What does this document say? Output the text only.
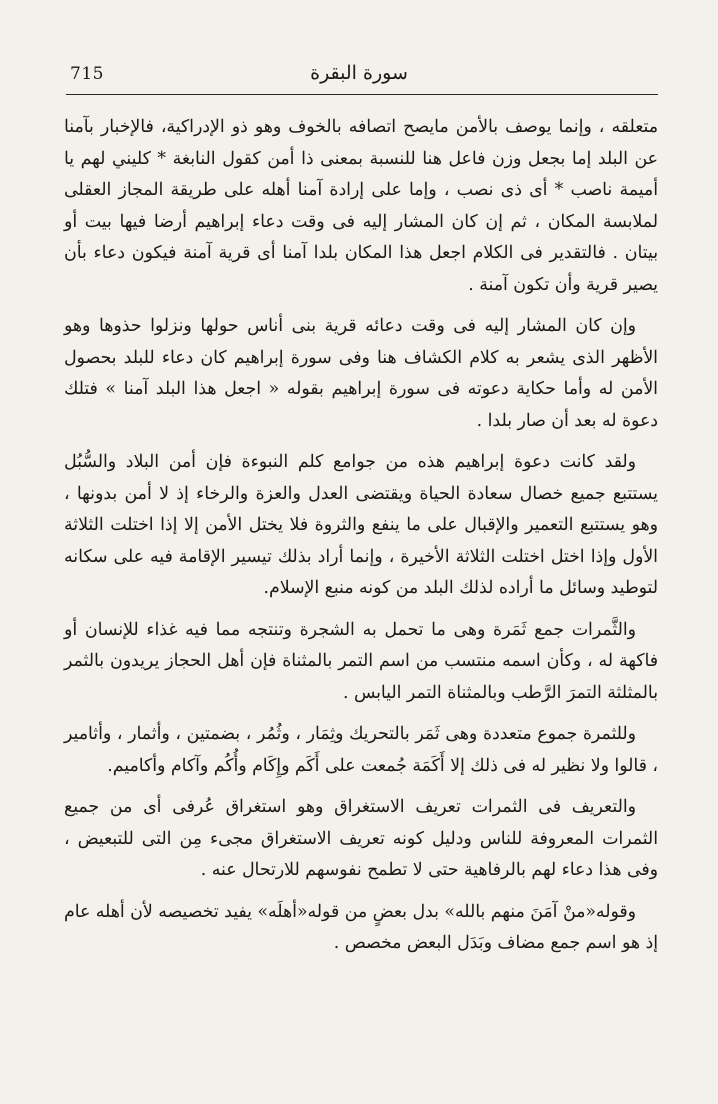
715	سورة البقرة

متعلقه ، وإنما يوصف بالأمن مايصح اتصافه بالخوف وهو ذو الإدراكية، فالإخبار بآمنا عن البلد إما بجعل وزن فاعل هنا للنسبة بمعنى ذا أمن كقول النابغة * كليني لهم يا أميمة ناصب * أى ذى نصب ، وإما على إرادة آمنا أهله على طريقة المجاز العقلى لملابسة المكان ، ثم إن كان المشار إليه فى وقت دعاء إبراهيم أرضا فيها بيت أو بيتان . فالتقدير فى الكلام اجعل هذا المكان بلدا آمنا أى قرية آمنة فيكون دعاء بأن يصير قرية وأن تكون آمنة .

وإن كان المشار إليه فى وقت دعائه قرية بنى أناس حولها ونزلوا حذوها وهو الأظهر الذى يشعر به كلام الكشاف هنا وفى سورة إبراهيم كان دعاء للبلد بحصول الأمن له وأما حكاية دعوته فى سورة إبراهيم بقوله « اجعل هذا البلد آمنا » فتلك دعوة له بعد أن صار بلدا .

ولقد كانت دعوة إبراهيم هذه من جوامع كلم النبوءة فإن أمن البلاد والسُّبُل يستتبع جميع خصال سعادة الحياة ويقتضى العدل والعزة والرخاء إذ لا أمن بدونها ، وهو يستتبع التعمير والإقبال على ما ينفع والثروة فلا يختل الأمن إلا إذا اختلت الثلاثة الأول وإذا اختل اختلت الثلاثة الأخيرة ، وإنما أراد بذلك تيسير الإقامة فيه على سكانه لتوطيد وسائل ما أراده لذلك البلد من كونه منبع الإسلام.

والثَّمرات جمع ثَمَرة وهى ما تحمل به الشجرة وتنتجه مما فيه غذاء للإنسان أو فاكهة له ، وكأن اسمه منتسب من اسم التمر بالمثناة فإن أهل الحجاز يريدون بالثمر بالمثلثة التمرَ الرَّطب وبالمثناة التمر اليابس .

وللثمرة جموع متعددة وهى ثَمَر بالتحريك وثِمَار ، وثُمُر ، بضمتين ، وأثمار ، وأثامير ، قالوا ولا نظير له فى ذلك إلا أَكَمَة جُمعت على أَكَم وإِكَام وأُكُم وآكام وأكاميم.

والتعريف فى الثمرات تعريف الاستغراق وهو استغراق عُرفى أى من جميع الثمرات المعروفة للناس ودليل كونه تعريف الاستغراق مجىء مِن التى للتبعيض ، وفى هذا دعاء لهم بالرفاهية حتى لا تطمح نفوسهم للارتحال عنه .

وقوله«منْ آمَنَ منهم بالله» بدل بعضٍ من قوله«أهلَه» يفيد تخصيصه لأن أهله عام إذ هو اسم جمع مضاف وبَدَل البعض مخصص .
